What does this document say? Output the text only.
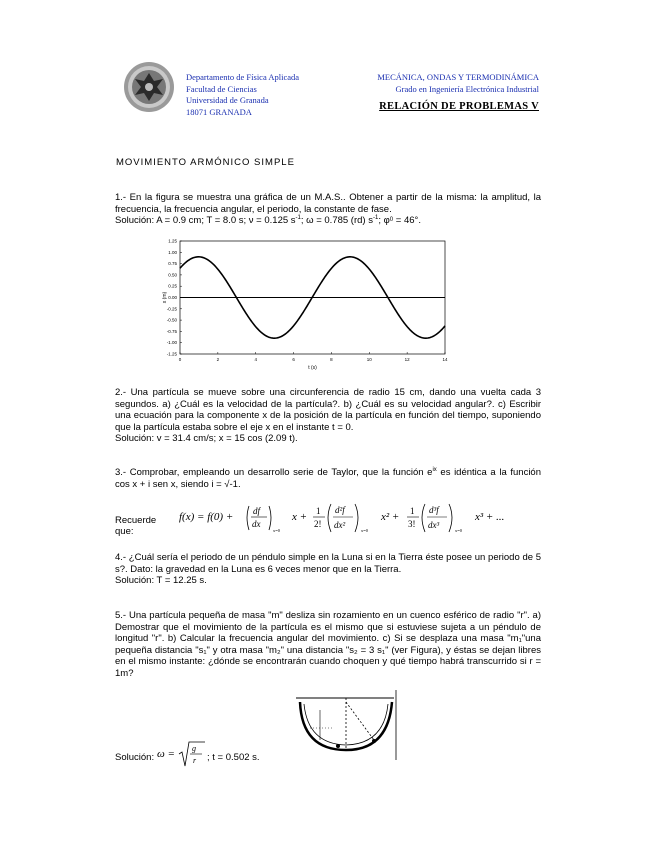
Departamento de Física Aplicada
Facultad de Ciencias
Universidad de Granada
18071 GRANADA
MECÁNICA, ONDAS Y TERMODINÁMICA
Grado en Ingeniería Electrónica Industrial
RELACIÓN DE PROBLEMAS V
MOVIMIENTO ARMÓNICO SIMPLE

1.- En la figura se muestra una gráfica de un M.A.S.. Obtener a partir de la misma: la amplitud, la frecuencia, la frecuencia angular, el periodo, la constante de fase.

Solución: A = 0.9 cm; T = 8.0 s; ν = 0.125 $s^{-1}$; ω = 0.785 (rd) $s^{-1}$; φ0 = 46°.

1.25
1.00
0.75
0.50
0.25
0.00
-0.25
-0.50
-0.75
-1.00
-1.25
0	2	4	6	8	10	12	14
t (s)
x (m)

2.- Una partícula se mueve sobre una circunferencia de radio 15 cm, dando una vuelta cada 3 segundos. a) ¿Cuál es la velocidad de la partícula?. b) ¿Cuál es su velocidad angular?. c) Escribir una ecuación para la componente x de la posición de la partícula en función del tiempo, suponiendo que la partícula estaba sobre el eje x en el instante t = 0.

Solución: v = 31.4 cm/s; x = 15 cos (2.09 t).

3.- Comprobar, empleando un desarrollo serie de Taylor, que la función $e^{ix}$ es idéntica a la función cos x + i sen x, siendo i = √-1.

Recuerde que:
f(x) = f(0) + df
dx
x=0
x + 1
2!
d²f
dx²
x=0
x² + 1
3!
d³f
dx³
x=0
x³ + ...

4.- ¿Cuál sería el periodo de un péndulo simple en la Luna si en la Tierra éste posee un periodo de 5 s?. Dato: la gravedad en la Luna es 6 veces menor que en la Tierra.

Solución: T = 12.25 s.

5.- Una partícula pequeña de masa "m" desliza sin rozamiento en un cuenco esférico de radio "r". a) Demostrar que el movimiento de la partícula es el mismo que si estuviese sujeta a un péndulo de longitud "r". b) Calcular la frecuencia angular del movimiento. c) Si se desplaza una masa "m₁"una pequeña distancia "s₁" y otra masa "m₂" una distancia "s₂ = 3 s₁" (ver Figura), y éstas se dejan libres en el mismo instante: ¿dónde se encontrarán cuando choquen y qué tiempo habrá transcurrido si r = 1m?

Solución: ω = g
r ; t = 0.502 s.
